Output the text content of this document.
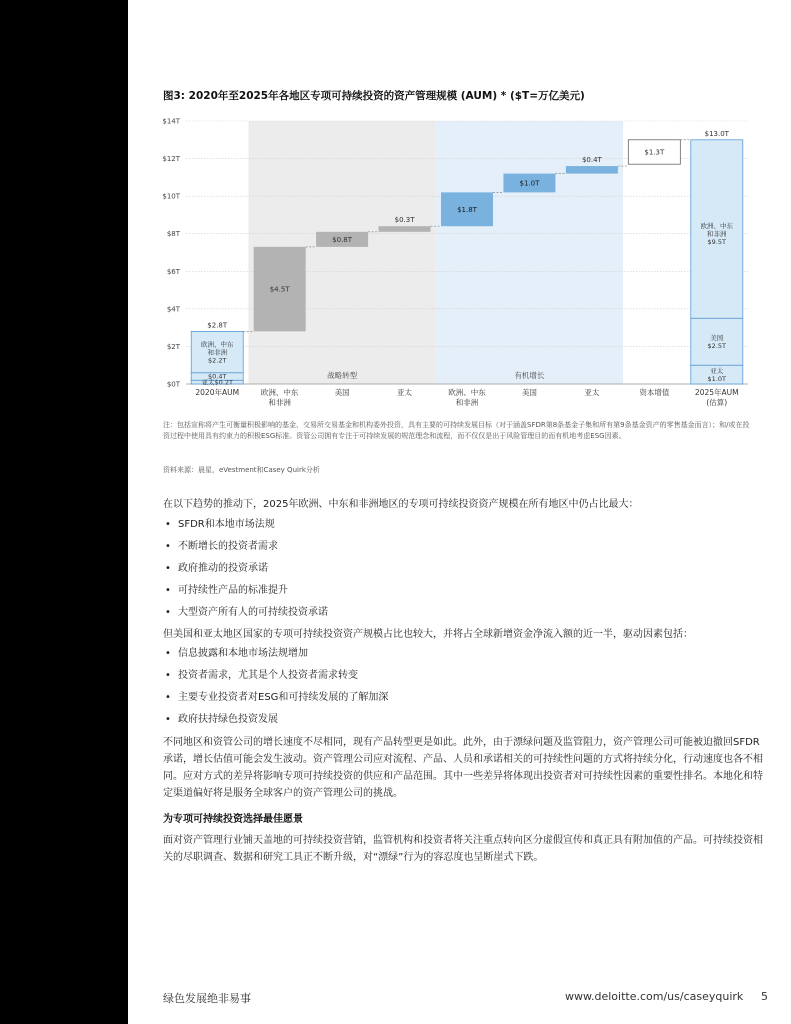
图3: 2020年至2025年各地区专项可持续投资的资产管理规模 (AUM) * ($T=万亿美元)
战略转型	有机增长
$0T
$2T
$4T
$6T
$8T
$10T
$12T
$14T
亚太$0.2T
$0.4T
欧洲、中东
和非洲
$2.2T
$2.8T
$4.5T
$0.8T
$0.3T
$1.8T
$1.0T
$0.4T
$1.3T
亚太
$1.0T
美国
$2.5T
欧洲、中东
和非洲
$9.5T
$13.0T
2020年AUM	欧洲、中东
和非洲
美国	亚太	欧洲、中东
和非洲
美国	亚太	资本增值	2025年AUM
(估算)
注：包括宣称将产生可衡量积极影响的基金、交易所交易基金和机构委外投资，具有主要的可持续发展目标（对于涵盖SFDR第8条基金子集和所有第9条基金资产的零售基金而言）；和/或在投资过程中使用具有约束力的积极ESG标准。资管公司拥有专注于可持续发展的规范理念和流程，而不仅仅是出于风险管理目的而有机地考虑ESG因素。
资料来源：晨星，eVestment和Casey Quirk分析
在以下趋势的推动下，2025年欧洲、中东和非洲地区的专项可持续投资资产规模在所有地区中仍占比最大：
• SFDR和本地市场法规
• 不断增长的投资者需求
• 政府推动的投资承诺
• 可持续性产品的标准提升
• 大型资产所有人的可持续投资承诺
但美国和亚太地区国家的专项可持续投资资产规模占比也较大，并将占全球新增资金净流入额的近一半，驱动因素包括：
• 信息披露和本地市场法规增加
• 投资者需求，尤其是个人投资者需求转变
• 主要专业投资者对ESG和可持续发展的了解加深
• 政府扶持绿色投资发展
不同地区和资管公司的增长速度不尽相同，现有产品转型更是如此。此外，由于漂绿问题及监管阻力，资产管理公司可能被迫撤回SFDR承诺，增长估值可能会发生波动。资产管理公司应对流程、产品、人员和承诺相关的可持续性问题的方式将持续分化，行动速度也各不相同。应对方式的差异将影响专项可持续投资的供应和产品范围。其中一些差异将体现出投资者对可持续性因素的重要性排名。本地化和特定渠道偏好将是服务全球客户的资产管理公司的挑战。
为专项可持续投资选择最佳愿景
面对资产管理行业铺天盖地的可持续投资营销，监管机构和投资者将关注重点转向区分虚假宣传和真正具有附加值的产品。可持续投资相关的尽职调查、数据和研究工具正不断升级，对“漂绿”行为的容忍度也呈断崖式下跌。
绿色发展绝非易事	www.deloitte.com/us/caseyquirk 5
